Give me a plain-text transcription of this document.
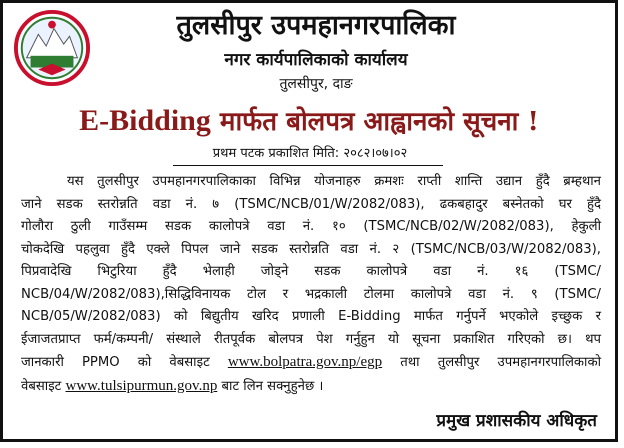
तुलसीपुर उपमहानगरपालिका
नगर कार्यपालिकाको कार्यालय
तुलसीपुर, दाङ
E-Bidding मार्फत बोलपत्र आह्वानको सूचना !
प्रथम पटक प्रकाशित मिति: २०८२।०७।०२
यस तुलसीपुर उपमहानगरपालिकाका विभिन्न योजनाहरु क्रमशः राप्ती शान्ति उद्यान हुँदै ब्रम्हथान
जाने सडक स्तरोन्नति वडा नं. ७ (TSMC/NCB/01/W/2082/083), ढकबहादुर बस्नेतको घर हुँदै
गोलौरा ठुली गाउँसम्म सडक कालोपत्रे वडा नं. १० (TSMC/NCB/02/W/2082/083), हेकुली
चोकदेखि पहलुवा हुँदै एक्ले पिपल जाने सडक स्तरोन्नति वडा नं. २ (TSMC/NCB/03/W/2082/083),
पिप्रवादेखि भिटुरिया हुँदै भेलाही जोड्ने सडक कालोपत्रे वडा नं. १६ (TSMC/
NCB/04/W/2082/083),सिद्धिविनायक टोल र भद्रकाली टोलमा कालोपत्रे वडा नं. ९ (TSMC/
NCB/05/W/2082/083) को बिद्युतीय खरिद प्रणाली E-Bidding मार्फत गर्नुपर्ने भएकोले इच्छुक र
ईजाजतप्राप्त फर्म/कम्पनी/ संस्थाले रीतपूर्वक बोलपत्र पेश गर्नुहुन यो सूचना प्रकाशित गरिएको छ। थप
जानकारी PPMO को वेबसाइट www.bolpatra.gov.np/egp तथा तुलसीपुर उपमहानगरपालिकाको
वेबसाइट www.tulsipurmun.gov.np बाट लिन सक्नुहुनेछ ।
प्रमुख प्रशासकीय अधिकृत
